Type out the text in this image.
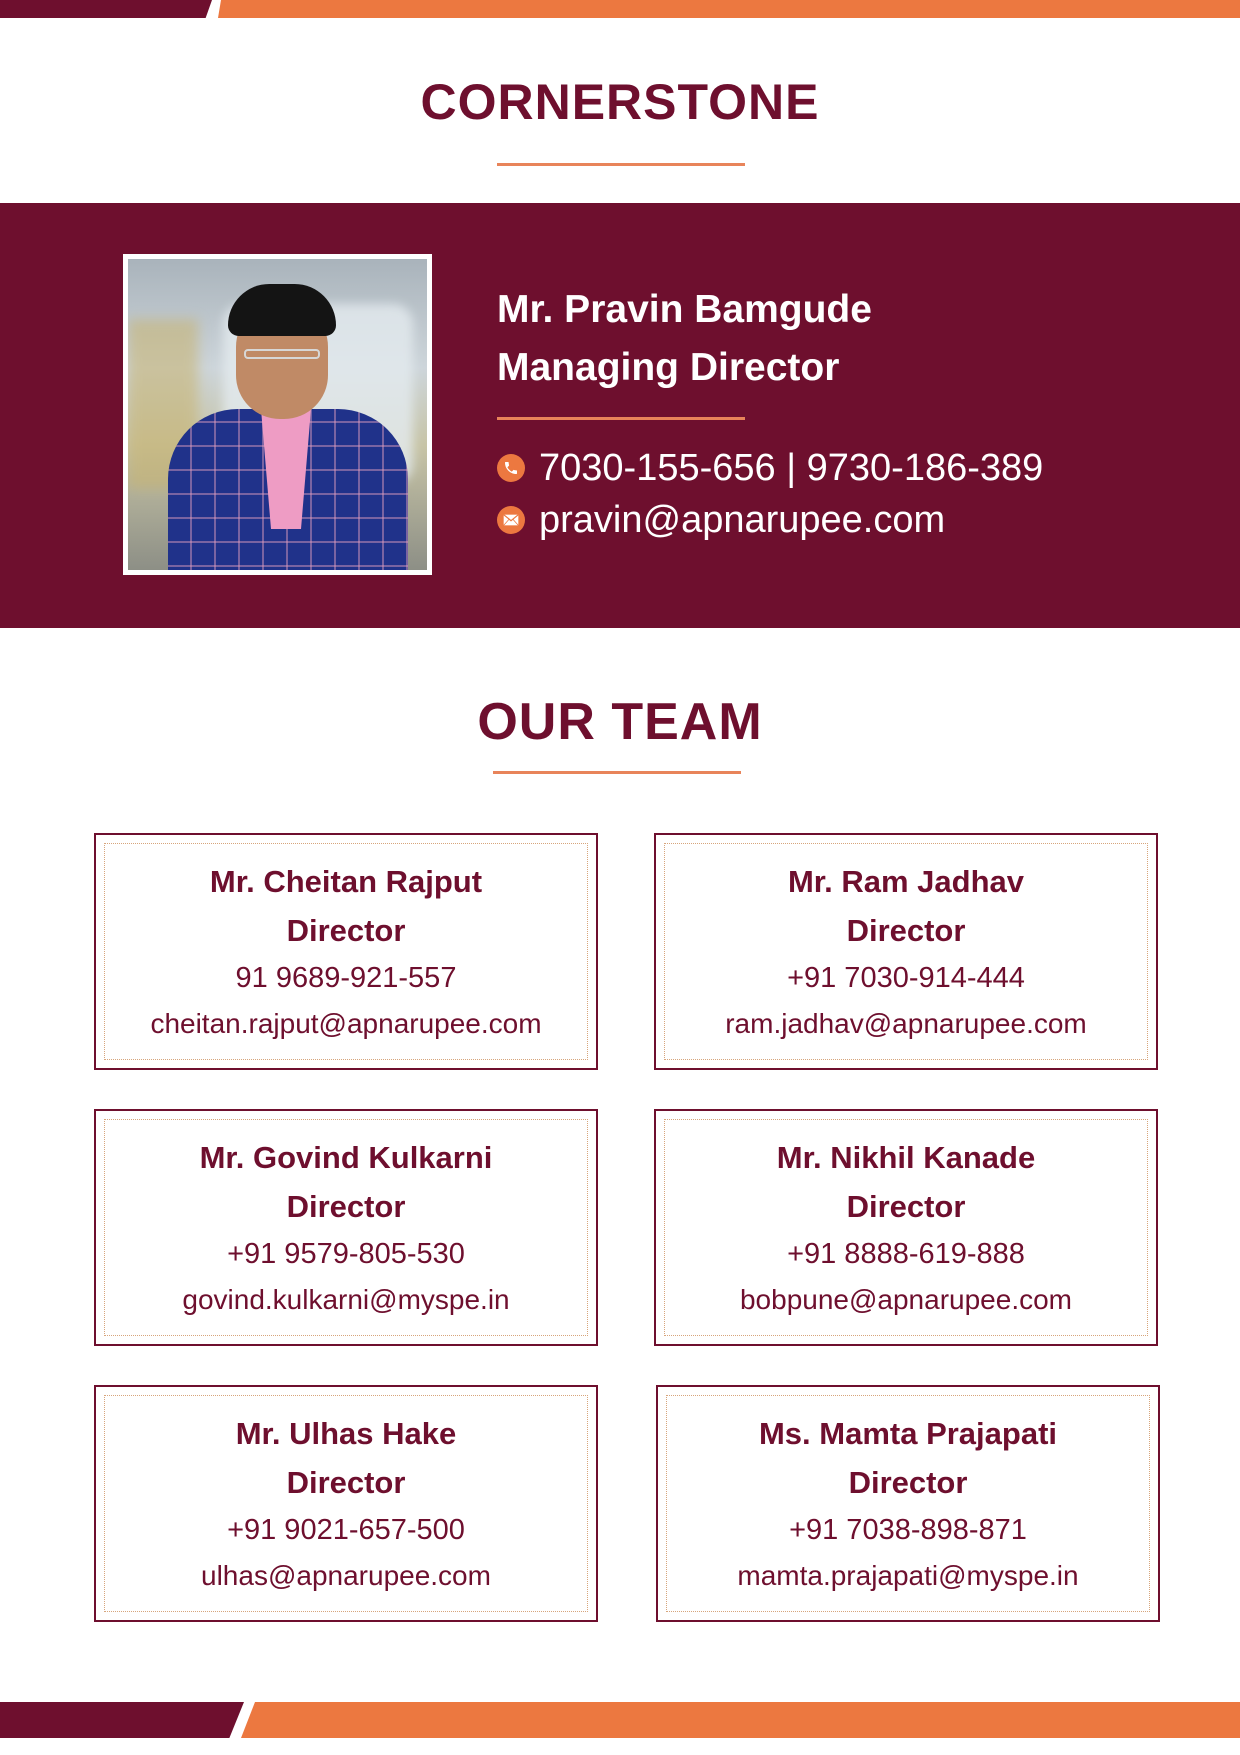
CORNERSTONE
Mr. Pravin Bamgude
Managing Director
7030-155-656 | 9730-186-389
pravin@apnarupee.com
OUR TEAM
Mr. Cheitan Rajput
Director
91 9689-921-557
cheitan.rajput@apnarupee.com
Mr. Ram Jadhav
Director
+91 7030-914-444
ram.jadhav@apnarupee.com
Mr. Govind Kulkarni
Director
+91 9579-805-530
govind.kulkarni@myspe.in
Mr. Nikhil Kanade
Director
+91 8888-619-888
bobpune@apnarupee.com
Mr. Ulhas Hake
Director
+91 9021-657-500
ulhas@apnarupee.com
Ms. Mamta Prajapati
Director
+91 7038-898-871
mamta.prajapati@myspe.in
